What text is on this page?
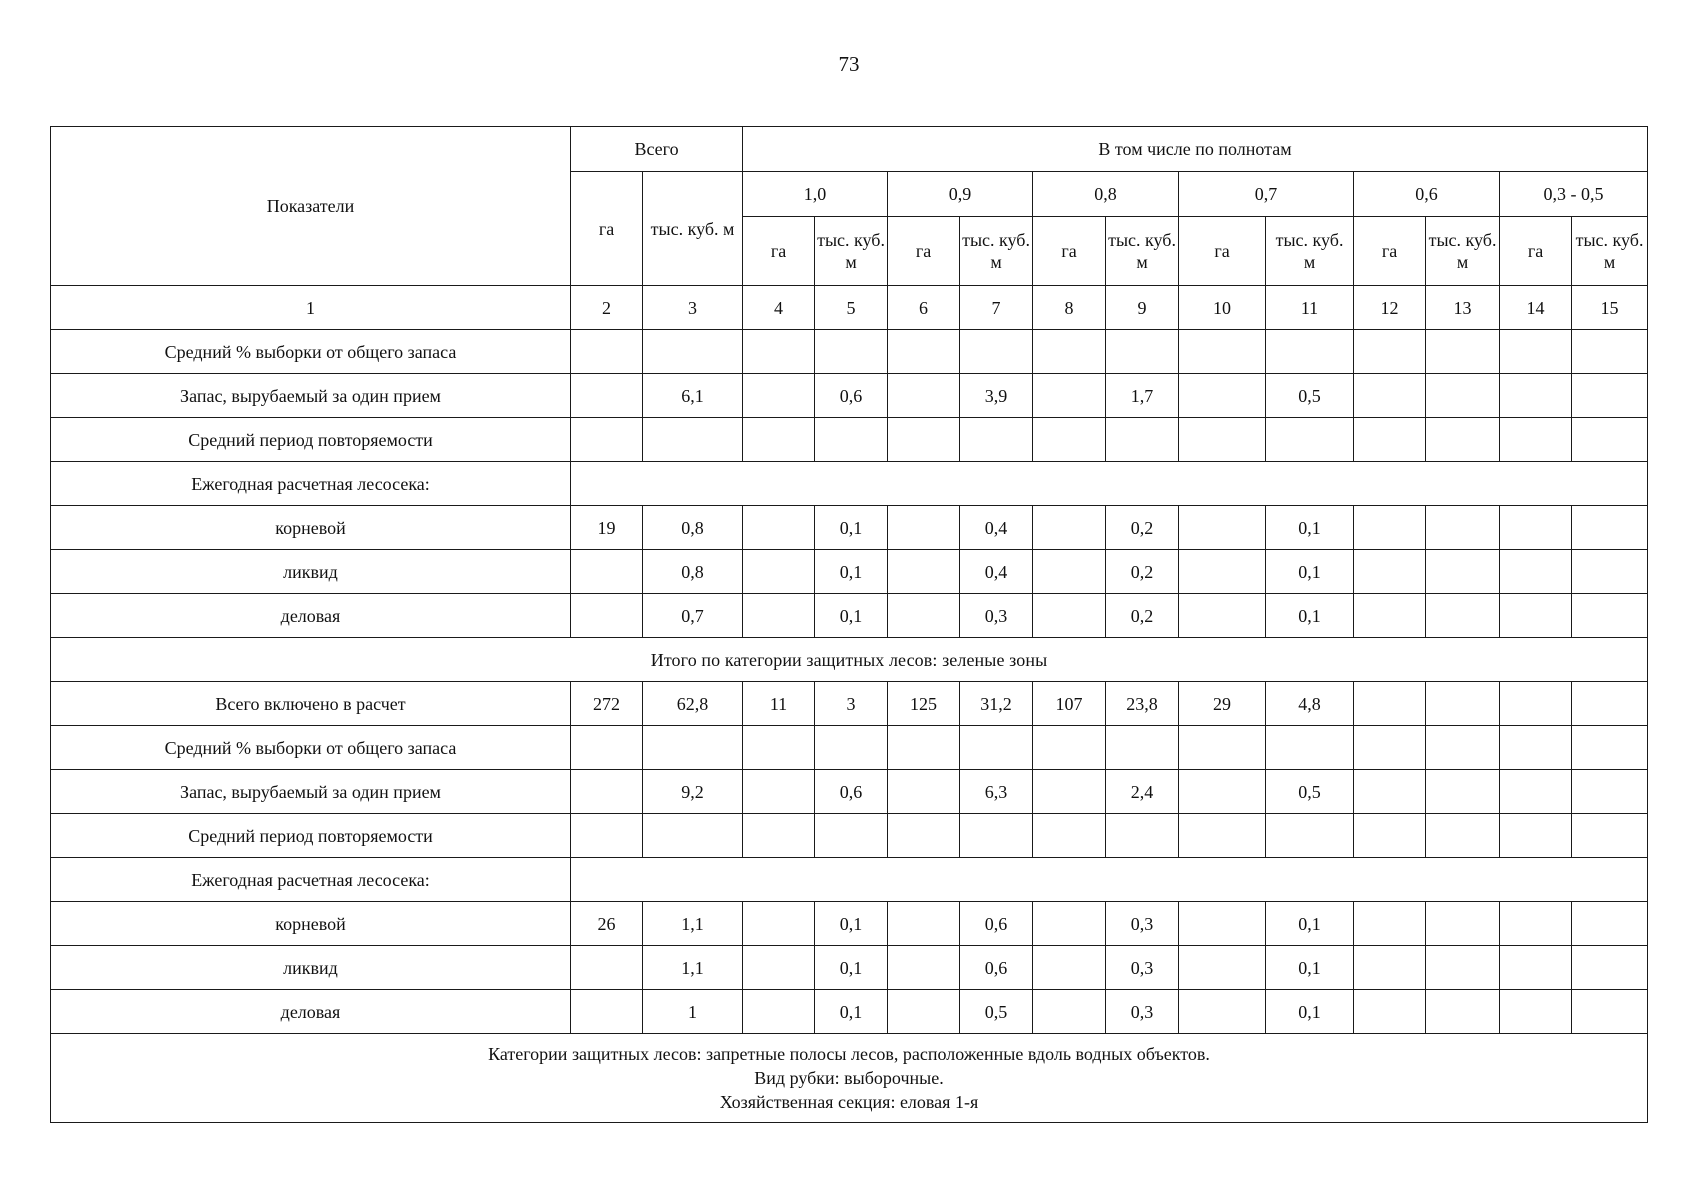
73
Показатели	Всего		В том числе по полнотам											
	га	тыс. куб. м	1,0		0,9		0,8		0,7		0,6		0,3 - 0,5	
			га	тыс. куб. м	га	тыс. куб. м	га	тыс. куб. м	га	тыс. куб. м	га	тыс. куб. м	га	тыс. куб. м
1	2	3	4	5	6	7	8	9	10	11	12	13	14	15
Средний % выборки от общего запаса														
Запас, вырубаемый за один прием		6,1		0,6		3,9		1,7		0,5				
Средний период повторяемости														
Ежегодная расчетная лесосека:														
корневой	19	0,8		0,1		0,4		0,2		0,1				
ликвид		0,8		0,1		0,4		0,2		0,1				
деловая		0,7		0,1		0,3		0,2		0,1				
Итого по категории защитных лесов: зеленые зоны														
Всего включено в расчет	272	62,8	11	3	125	31,2	107	23,8	29	4,8				
Средний % выборки от общего запаса														
Запас, вырубаемый за один прием		9,2		0,6		6,3		2,4		0,5				
Средний период повторяемости														
Ежегодная расчетная лесосека:														
корневой	26	1,1		0,1		0,6		0,3		0,1				
ликвид		1,1		0,1		0,6		0,3		0,1				
деловая		1		0,1		0,5		0,3		0,1				

Категории защитных лесов: запретные полосы лесов, расположенные вдоль водных объектов.
Вид рубки: выборочные.
Хозяйственная секция: еловая 1-я														
